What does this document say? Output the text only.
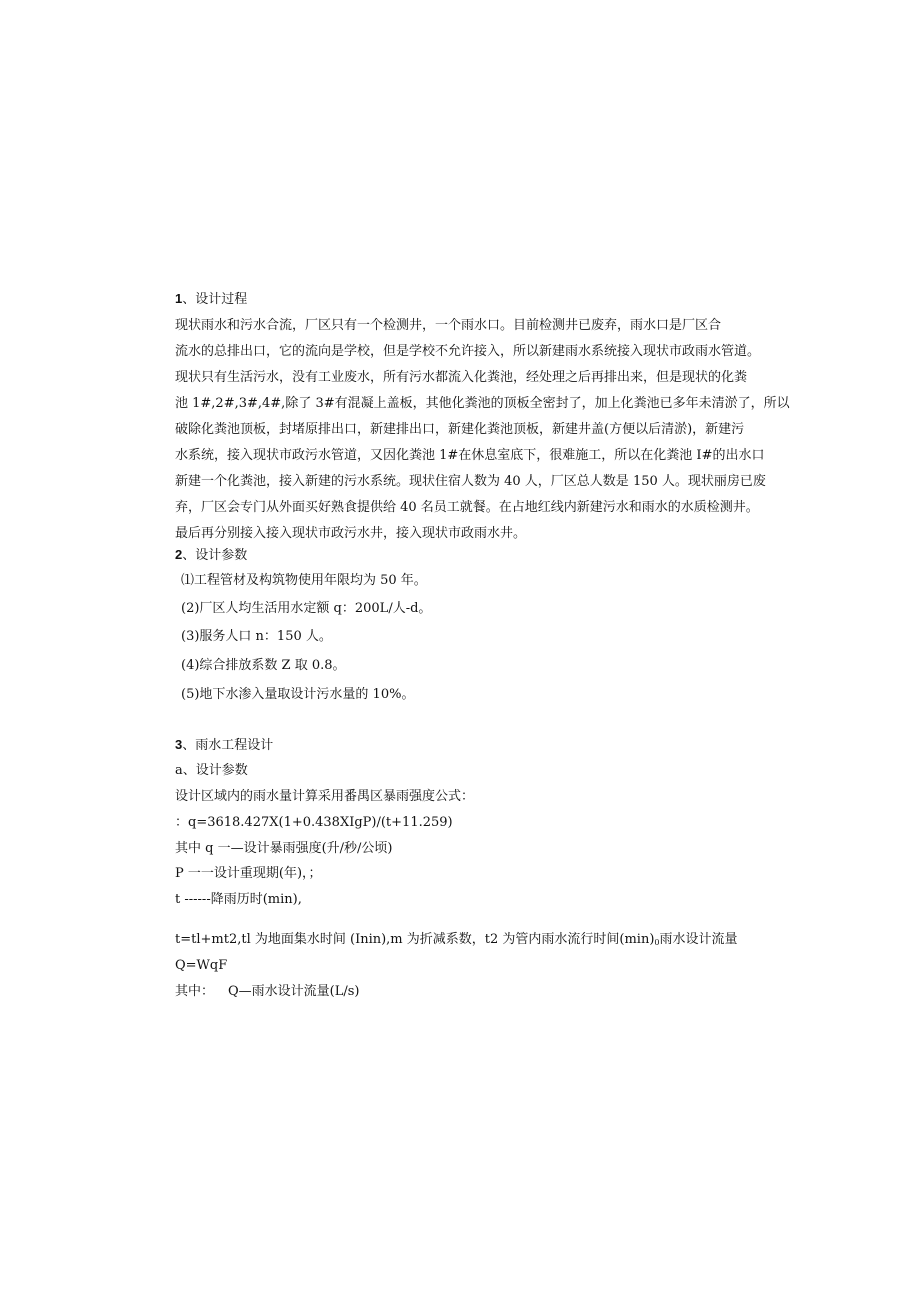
1、设计过程
现状雨水和污水合流，厂区只有一个检测井，一个雨水口。目前检测井已废弃，雨水口是厂区合
流水的总排出口，它的流向是学校，但是学校不允许接入，所以新建雨水系统接入现状市政雨水管道。
现状只有生活污水，没有工业废水，所有污水都流入化粪池，经处理之后再排出来，但是现状的化粪
池 1#,2#,3#,4#,除了 3#有混凝上盖板，其他化粪池的顶板全密封了，加上化粪池已多年未清淤了，所以
破除化粪池顶板，封堵原排出口，新建排出口，新建化粪池顶板，新建井盖(方便以后清淤)，新建污
水系统，接入现状市政污水管道，又因化粪池 1#在休息室底下，很难施工，所以在化粪池 I#的出水口
新建一个化粪池，接入新建的污水系统。现状住宿人数为 40 人，厂区总人数是 150 人。现状丽房已废
弃，厂区会专门从外面买好熟食提供给 40 名员工就餐。在占地红线内新建污水和雨水的水质检测井。
最后再分别接入接入现状市政污水井，接入现状市政雨水井。
2、设计参数
⑴工程管材及构筑物使用年限均为 50 年。
(2)厂区人均生活用水定额 q：200L/人-d。
(3)服务人口 n：150 人。
(4)综合排放系数 Z 取 0.8。
(5)地下水渗入量取设计污水量的 10%。
3、雨水工程设计
a、设计参数
设计区域内的雨水量计算采用番禺区暴雨强度公式：
：q=3618.427X(1+0.438XIgP)/(t+11.259)
其中 q 一—设计暴雨强度(升/秒/公顷)
P 一一设计重现期(年)，；
t ------降雨历时(min),
t=tl+mt2,tl 为地面集水时间 (Inin),m 为折减系数，t2 为管内雨水流行时间$(\min)_0$雨水设计流量
Q=WqF
其中： Q—雨水设计流量(L/s)
